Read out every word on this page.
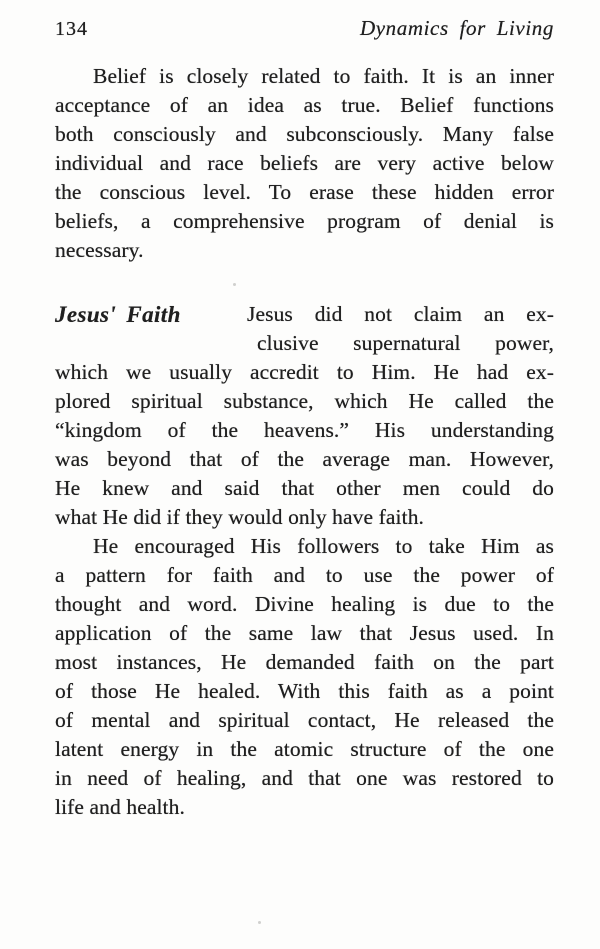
134	Dynamics for Living
Belief is closely related to faith. It is an inner
acceptance of an idea as true. Belief functions
both consciously and subconsciously. Many false
individual and race beliefs are very active below
the conscious level. To erase these hidden error
beliefs, a comprehensive program of denial is
necessary.
Jesus' Faith	Jesus did not claim an ex-
clusive supernatural power,
which we usually accredit to Him. He had ex-
plored spiritual substance, which He called the
“kingdom of the heavens.” His understanding
was beyond that of the average man. However,
He knew and said that other men could do
what He did if they would only have faith.
He encouraged His followers to take Him as
a pattern for faith and to use the power of
thought and word. Divine healing is due to the
application of the same law that Jesus used. In
most instances, He demanded faith on the part
of those He healed. With this faith as a point
of mental and spiritual contact, He released the
latent energy in the atomic structure of the one
in need of healing, and that one was restored to
life and health.
